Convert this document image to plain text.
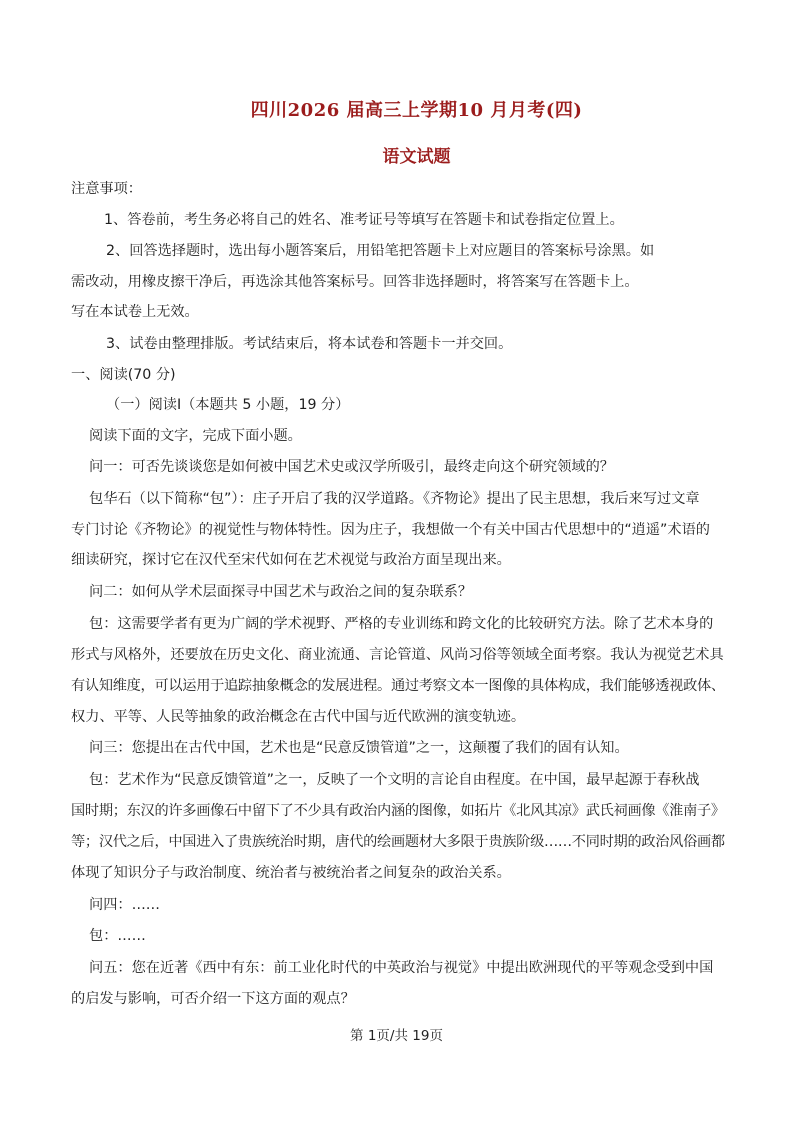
四川2026 届高三上学期10 月月考(四)
语文试题
注意事项：
1、答卷前，考生务必将自己的姓名、准考证号等填写在答题卡和试卷指定位置上。
2、回答选择题时，选出每小题答案后，用铅笔把答题卡上对应题目的答案标号涂黑。如
需改动，用橡皮擦干净后，再选涂其他答案标号。回答非选择题时，将答案写在答题卡上。
写在本试卷上无效。
3、试卷由整理排版。考试结束后，将本试卷和答题卡一并交回。
一、阅读(70 分)
（一）阅读Ⅰ（本题共 5 小题，19 分）
阅读下面的文字，完成下面小题。
问一：可否先谈谈您是如何被中国艺术史或汉学所吸引，最终走向这个研究领域的？
包华石（以下简称“包”）：庄子开启了我的汉学道路。《齐物论》提出了民主思想，我后来写过文章
专门讨论《齐物论》的视觉性与物体特性。因为庄子，我想做一个有关中国古代思想中的“逍遥”术语的
细读研究，探讨它在汉代至宋代如何在艺术视觉与政治方面呈现出来。
问二：如何从学术层面探寻中国艺术与政治之间的复杂联系？
包：这需要学者有更为广阔的学术视野、严格的专业训练和跨文化的比较研究方法。除了艺术本身的
形式与风格外，还要放在历史文化、商业流通、言论管道、风尚习俗等领域全面考察。我认为视觉艺术具
有认知维度，可以运用于追踪抽象概念的发展进程。通过考察文本一图像的具体构成，我们能够透视政体、
权力、平等、人民等抽象的政治概念在古代中国与近代欧洲的演变轨迹。
问三：您提出在古代中国，艺术也是“民意反馈管道”之一，这颠覆了我们的固有认知。
包：艺术作为“民意反馈管道”之一，反映了一个文明的言论自由程度。在中国，最早起源于春秋战
国时期；东汉的许多画像石中留下了不少具有政治内涵的图像，如拓片《北风其凉》武氏祠画像《淮南子》
等；汉代之后，中国进入了贵族统治时期，唐代的绘画题材大多限于贵族阶级……不同时期的政治风俗画都
体现了知识分子与政治制度、统治者与被统治者之间复杂的政治关系。
问四：……
包：……
问五：您在近著《西中有东：前工业化时代的中英政治与视觉》中提出欧洲现代的平等观念受到中国
的启发与影响，可否介绍一下这方面的观点？
第 1页/共 19页
